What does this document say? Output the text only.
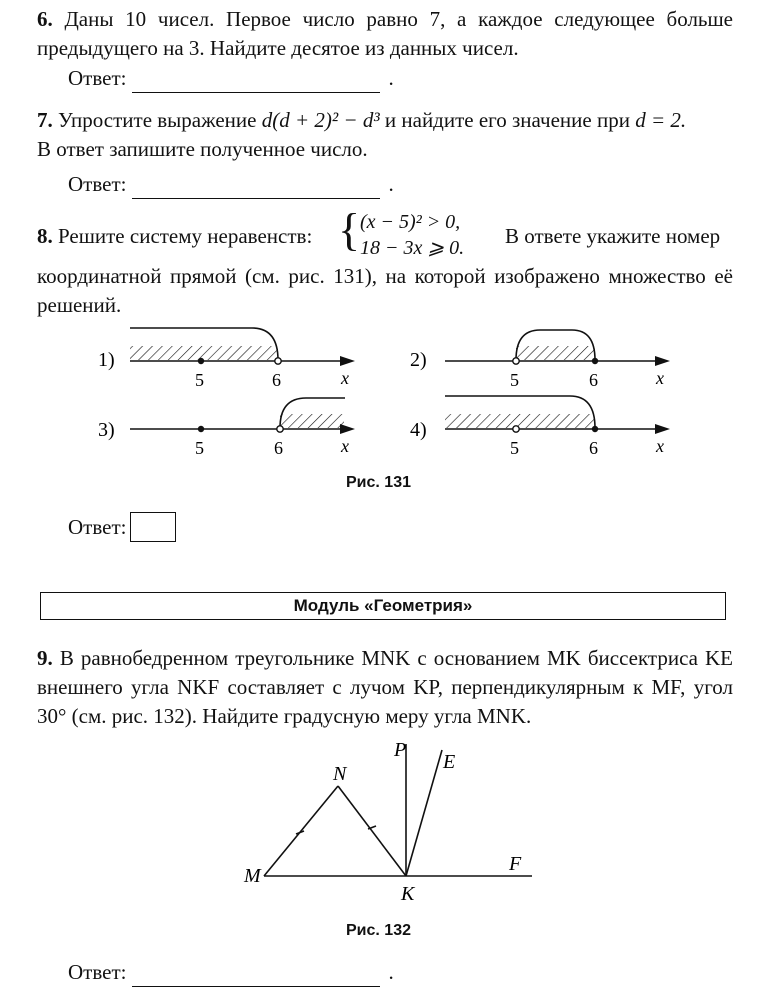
6. Даны 10 чисел. Первое число равно 7, а каждое следующее больше предыдущего на 3. Найдите десятое из данных чисел.

Ответ:	.

7. Упростите выражение d(d + 2)² − d³ и найдите его значение при d = 2.
В ответ запишите полученное число.

Ответ:	.
8. Решите систему неравенств: { (x − 5)² > 0,
18 − 3x ⩾ 0. В ответе укажите номер

координатной прямой (см. рис. 131), на которой изображено множество её решений.

1)
5	6	x
2)
5	6	x
3)
5	6	x
4)
5	6	x
Рис. 131
Ответ:
Модуль «Геометрия»

9. В равнобедренном треугольнике MNK с основанием MK биссектриса KE внешнего угла NKF составляет с лучом KP, перпендикулярным к MF, угол 30° (см. рис. 132). Найдите градусную меру угла MNK.

M
N
K
P
E
F
Рис. 132
Ответ:	.
